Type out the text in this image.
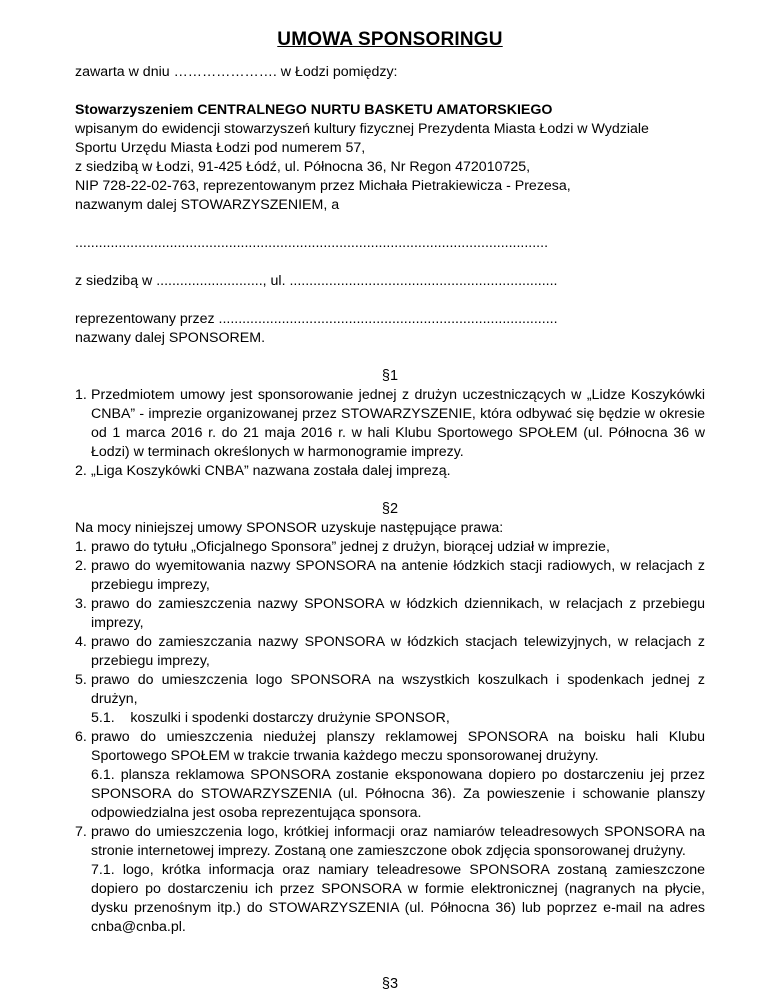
UMOWA SPONSORINGU

zawarta w dniu …………………. w Łodzi pomiędzy:

Stowarzyszeniem CENTRALNEGO NURTU BASKETU AMATORSKIEGO

wpisanym do ewidencji stowarzyszeń kultury fizycznej Prezydenta Miasta Łodzi w Wydziale

Sportu Urzędu Miasta Łodzi pod numerem 57,

z siedzibą w Łodzi, 91-425 Łódź, ul. Północna 36, Nr Regon 472010725,

NIP 728-22-02-763, reprezentowanym przez Michała Pietrakiewicza - Prezesa,

nazwanym dalej STOWARZYSZENIEM, a

........................................................................................................................

z siedzibą w ..........................., ul. ....................................................................

reprezentowany przez ......................................................................................

nazwany dalej SPONSOREM.

§1
1. Przedmiotem umowy jest sponsorowanie jednej z drużyn uczestniczących w „Lidze Koszykówki CNBA” - imprezie organizowanej przez STOWARZYSZENIE, która odbywać się będzie w okresie od 1 marca 2016 r. do 21 maja 2016 r. w hali Klubu Sportowego SPOŁEM (ul. Północna 36 w Łodzi) w terminach określonych w harmonogramie imprezy.
2. „Liga Koszykówki CNBA” nazwana została dalej imprezą.
§2

Na mocy niniejszej umowy SPONSOR uzyskuje następujące prawa:

1. prawo do tytułu „Oficjalnego Sponsora” jednej z drużyn, biorącej udział w imprezie,
2. prawo do wyemitowania nazwy SPONSORA na antenie łódzkich stacji radiowych, w relacjach z przebiegu imprezy,
3. prawo do zamieszczenia nazwy SPONSORA w łódzkich dziennikach, w relacjach z przebiegu imprezy,
4. prawo do zamieszczania nazwy SPONSORA w łódzkich stacjach telewizyjnych, w relacjach z przebiegu imprezy,
5. prawo do umieszczenia logo SPONSORA na wszystkich koszulkach i spodenkach jednej z drużyn,
5.1.    koszulki i spodenki dostarczy drużynie SPONSOR,
6. prawo do umieszczenia niedużej planszy reklamowej SPONSORA na boisku hali Klubu Sportowego SPOŁEM w trakcie trwania każdego meczu sponsorowanej drużyny.
6.1. plansza reklamowa SPONSORA zostanie eksponowana dopiero po dostarczeniu jej przez SPONSORA do STOWARZYSZENIA (ul. Północna 36). Za powieszenie i schowanie planszy odpowiedzialna jest osoba reprezentująca sponsora.
7. prawo do umieszczenia logo, krótkiej informacji oraz namiarów teleadresowych SPONSORA na stronie internetowej imprezy. Zostaną one zamieszczone obok zdjęcia sponsorowanej drużyny.
7.1. logo, krótka informacja oraz namiary teleadresowe SPONSORA zostaną zamieszczone dopiero po dostarczeniu ich przez SPONSORA w formie elektronicznej (nagranych na płycie, dysku przenośnym itp.) do STOWARZYSZENIA (ul. Północna 36) lub poprzez e-mail na adres cnba@cnba.pl.
§3
